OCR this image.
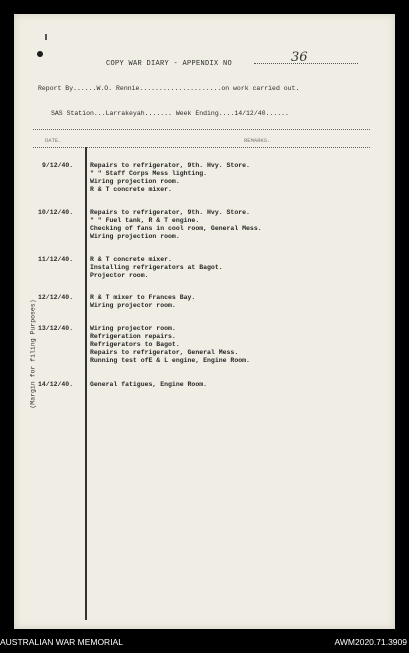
COPY WAR DIARY - APPENDIX NO	36
Report By......W.O. Rennie.....................on work carried out.
SAS Station...Larrakeyah....... Week Ending....14/12/40......
DATE.	REMARKS.
(Margin for filing Purposes)
9/12/40.	Repairs to refrigerator, 9th. Hvy. Store.
" " Staff Corps Mess lighting.
Wiring projection room.
R & T concrete mixer.
10/12/40.	Repairs to refrigerator, 9th. Hvy. Store.
" " Fuel tank, R & T engine.
Checking of fans in cool room, General Mess.
Wiring projection room.
11/12/40.	R & T concrete mixer.
Installing refrigerators at Bagot.
Projector room.
12/12/40.	R & T mixer to Frances Bay.
Wiring projector room.
13/12/40.	Wiring projector room.
Refrigeration repairs.
Refrigerators to Bagot.
Repairs to refrigerator, General Mess.
Running test ofE & L engine, Engine Room.
14/12/40.	General fatigues, Engine Room.
AUSTRALIAN WAR MEMORIAL	AWM2020.71.3909
